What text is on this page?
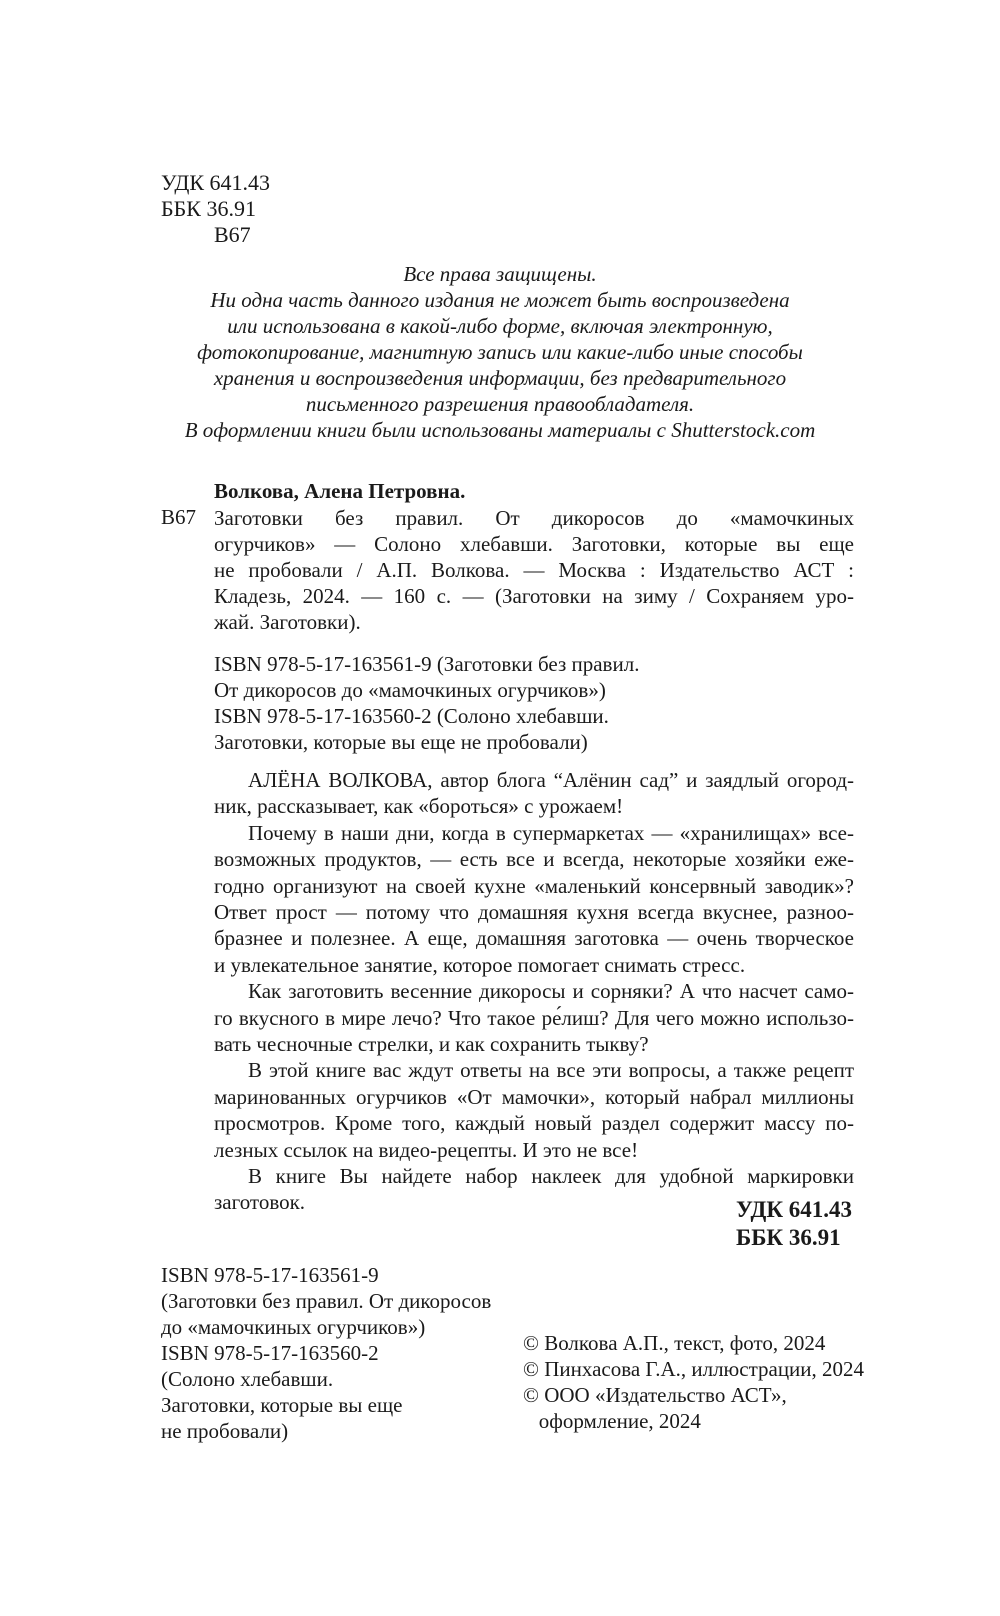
УДК 641.43
ББК 36.91
В67
Все права защищены.
Ни одна часть данного издания не может быть воспроизведена
или использована в какой-либо форме, включая электронную,
фотокопирование, магнитную запись или какие-либо иные способы
хранения и воспроизведения информации, без предварительного
письменного разрешения правообладателя.
В оформлении книги были использованы материалы с Shutterstock.com
Волкова, Алена Петровна.
В67 Заготовки без правил. От дикоросов до «мамочкиных
огурчиков» — Солоно хлебавши. Заготовки, которые вы еще
не пробовали / А.П. Волкова. — Москва : Издательство АСТ :
Кладезь, 2024. — 160 с. — (Заготовки на зиму / Сохраняем уро-
жай. Заготовки).
ISBN 978-5-17-163561-9 (Заготовки без правил.
От дикоросов до «мамочкиных огурчиков»)
ISBN 978-5-17-163560-2 (Солоно хлебавши.
Заготовки, которые вы еще не пробовали)
АЛЁНА ВОЛКОВА, автор блога “Алёнин сад” и заядлый огород-
ник, рассказывает, как «бороться» с урожаем!
Почему в наши дни, когда в супермаркетах — «хранилищах» все-
возможных продуктов, — есть все и всегда, некоторые хозяйки еже-
годно организуют на своей кухне «маленький консервный заводик»?
Ответ прост — потому что домашняя кухня всегда вкуснее, разноо-
бразнее и полезнее. А еще, домашняя заготовка — очень творческое
и увлекательное занятие, которое помогает снимать стресс.
Как заготовить весенние дикоросы и сорняки? А что насчет само-
го вкусного в мире лечо? Что такое ре́лиш? Для чего можно использо-
вать чесночные стрелки, и как сохранить тыкву?
В этой книге вас ждут ответы на все эти вопросы, а также рецепт
маринованных огурчиков «От мамочки», который набрал миллионы
просмотров. Кроме того, каждый новый раздел содержит массу по-
лезных ссылок на видео-рецепты. И это не все!
В книге Вы найдете набор наклеек для удобной маркировки заготовок.	УДК 641.43
ББК 36.91
ISBN 978-5-17-163561-9
(Заготовки без правил. От дикоросов
до «мамочкиных огурчиков»)
ISBN 978-5-17-163560-2
(Солоно хлебавши.
Заготовки, которые вы еще
не пробовали)
© Волкова А.П., текст, фото, 2024
© Пинхасова Г.А., иллюстрации, 2024
© ООО «Издательство АСТ»,
оформление, 2024
